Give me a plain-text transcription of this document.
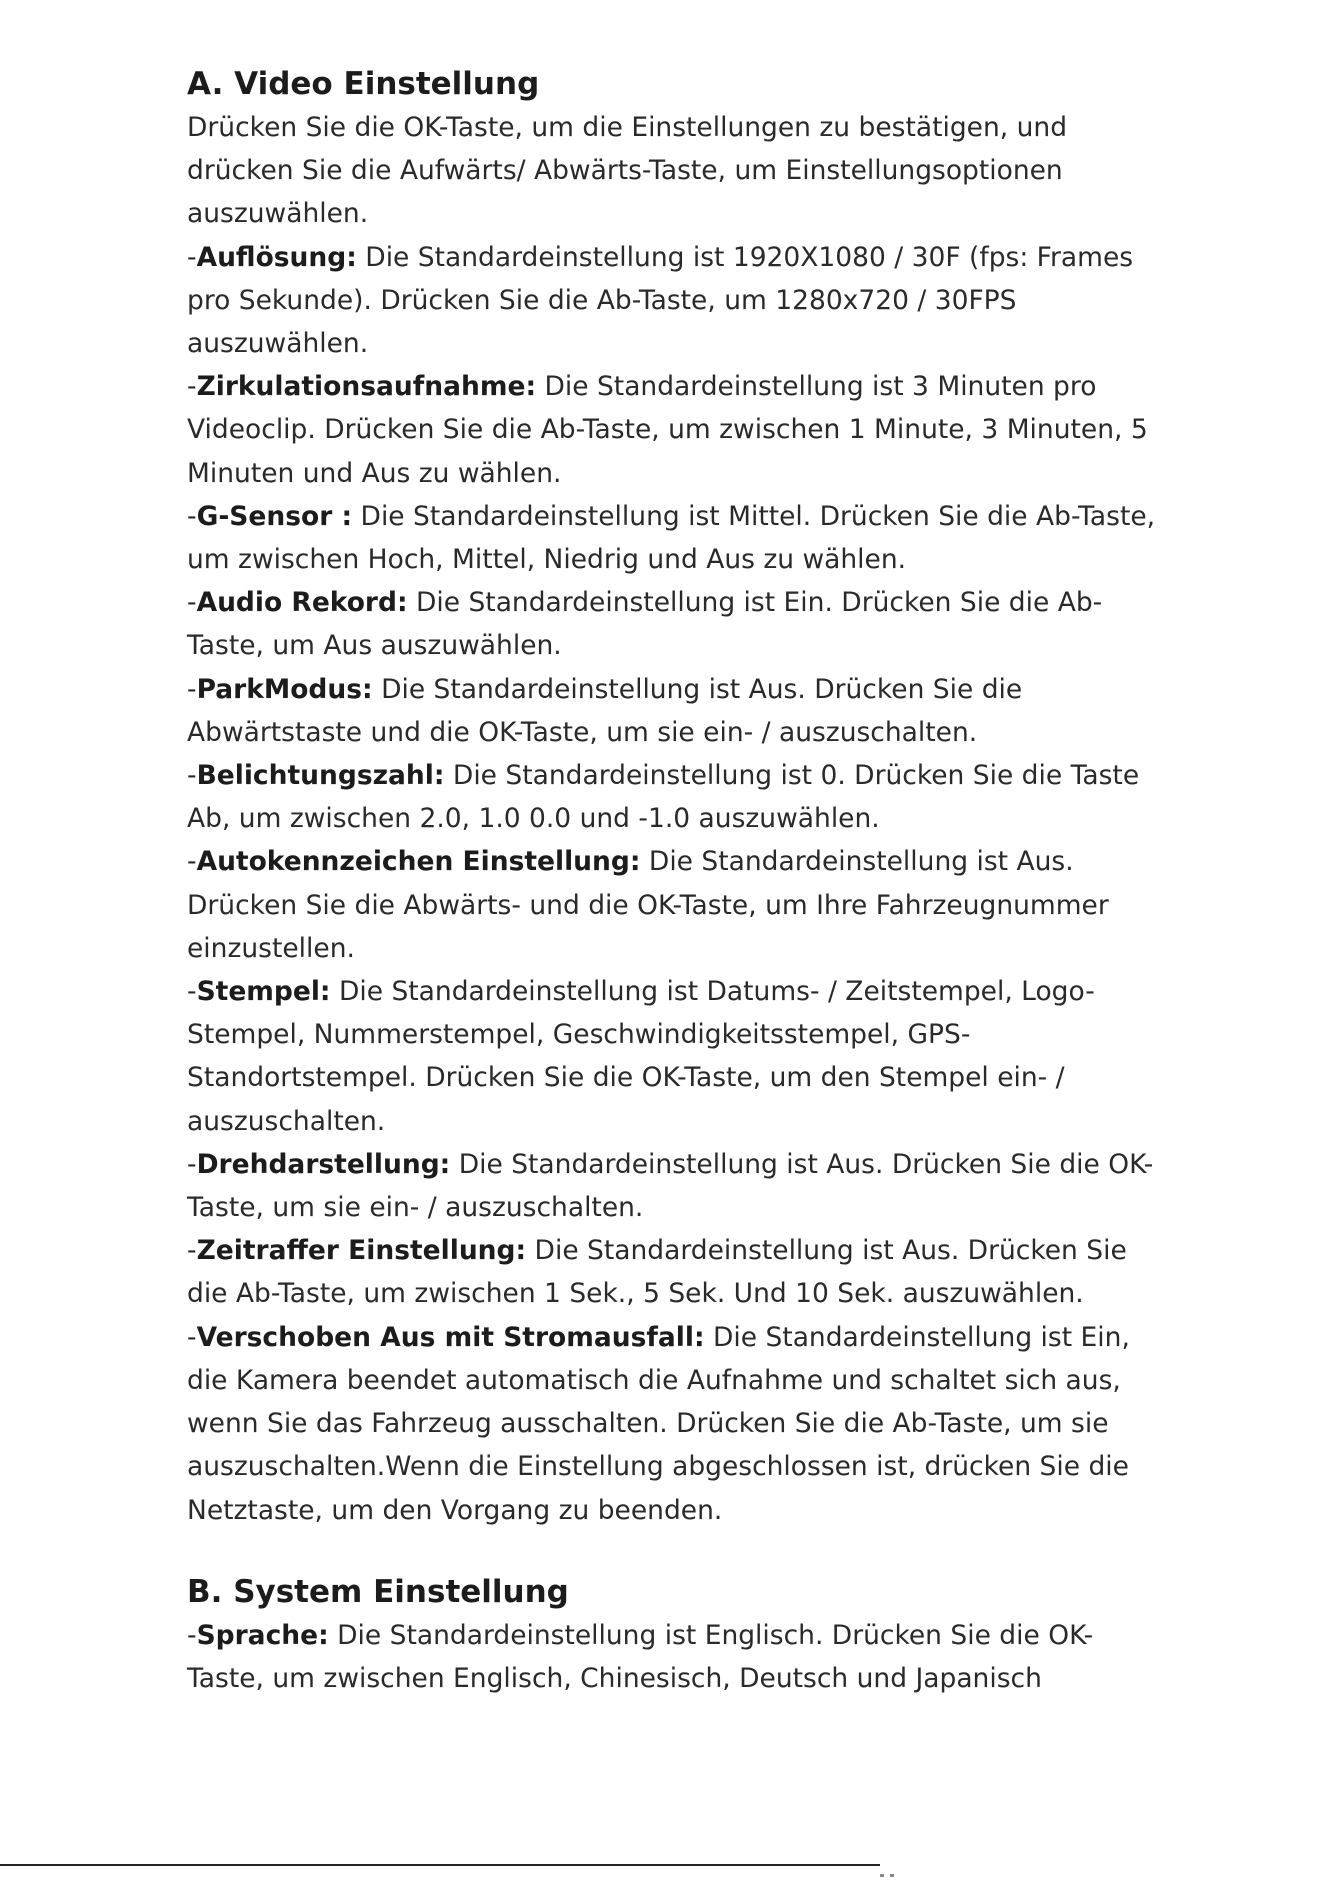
A. Video Einstellung

Drücken Sie die OK-Taste, um die Einstellungen zu bestätigen, und drücken Sie die Aufwärts/ Abwärts-Taste, um Einstellungsoptionen auszuwählen.

-Auflösung: Die Standardeinstellung ist 1920X1080 / 30F (fps: Frames pro Sekunde). Drücken Sie die Ab-Taste, um 1280x720 / 30FPS auszuwählen.

-Zirkulationsaufnahme: Die Standardeinstellung ist 3 Minuten pro Videoclip. Drücken Sie die Ab-Taste, um zwischen 1 Minute, 3 Minuten, 5 Minuten und Aus zu wählen.

-G-Sensor : Die Standardeinstellung ist Mittel. Drücken Sie die Ab-Taste, um zwischen Hoch, Mittel, Niedrig und Aus zu wählen.

-Audio Rekord: Die Standardeinstellung ist Ein. Drücken Sie die Ab-Taste, um Aus auszuwählen.

-ParkModus: Die Standardeinstellung ist Aus. Drücken Sie die Abwärtstaste und die OK-Taste, um sie ein- / auszuschalten.

-Belichtungszahl: Die Standardeinstellung ist 0. Drücken Sie die Taste Ab, um zwischen 2.0, 1.0 0.0 und -1.0 auszuwählen.

-Autokennzeichen Einstellung: Die Standardeinstellung ist Aus. Drücken Sie die Abwärts- und die OK-Taste, um Ihre Fahrzeugnummer einzustellen.

-Stempel: Die Standardeinstellung ist Datums- / Zeitstempel, Logo-Stempel, Nummerstempel, Geschwindigkeitsstempel, GPS-Standortstempel. Drücken Sie die OK-Taste, um den Stempel ein- / auszuschalten.

-Drehdarstellung: Die Standardeinstellung ist Aus. Drücken Sie die OK-Taste, um sie ein- / auszuschalten.

-Zeitraffer Einstellung: Die Standardeinstellung ist Aus. Drücken Sie die Ab-Taste, um zwischen 1 Sek., 5 Sek. Und 10 Sek. auszuwählen.

-Verschoben Aus mit Stromausfall: Die Standardeinstellung ist Ein, die Kamera beendet automatisch die Aufnahme und schaltet sich aus, wenn Sie das Fahrzeug ausschalten. Drücken Sie die Ab-Taste, um sie auszuschalten.Wenn die Einstellung abgeschlossen ist, drücken Sie die Netztaste, um den Vorgang zu beenden.

B. System Einstellung

-Sprache: Die Standardeinstellung ist Englisch. Drücken Sie die OK-Taste, um zwischen Englisch, Chinesisch, Deutsch und Japanisch
